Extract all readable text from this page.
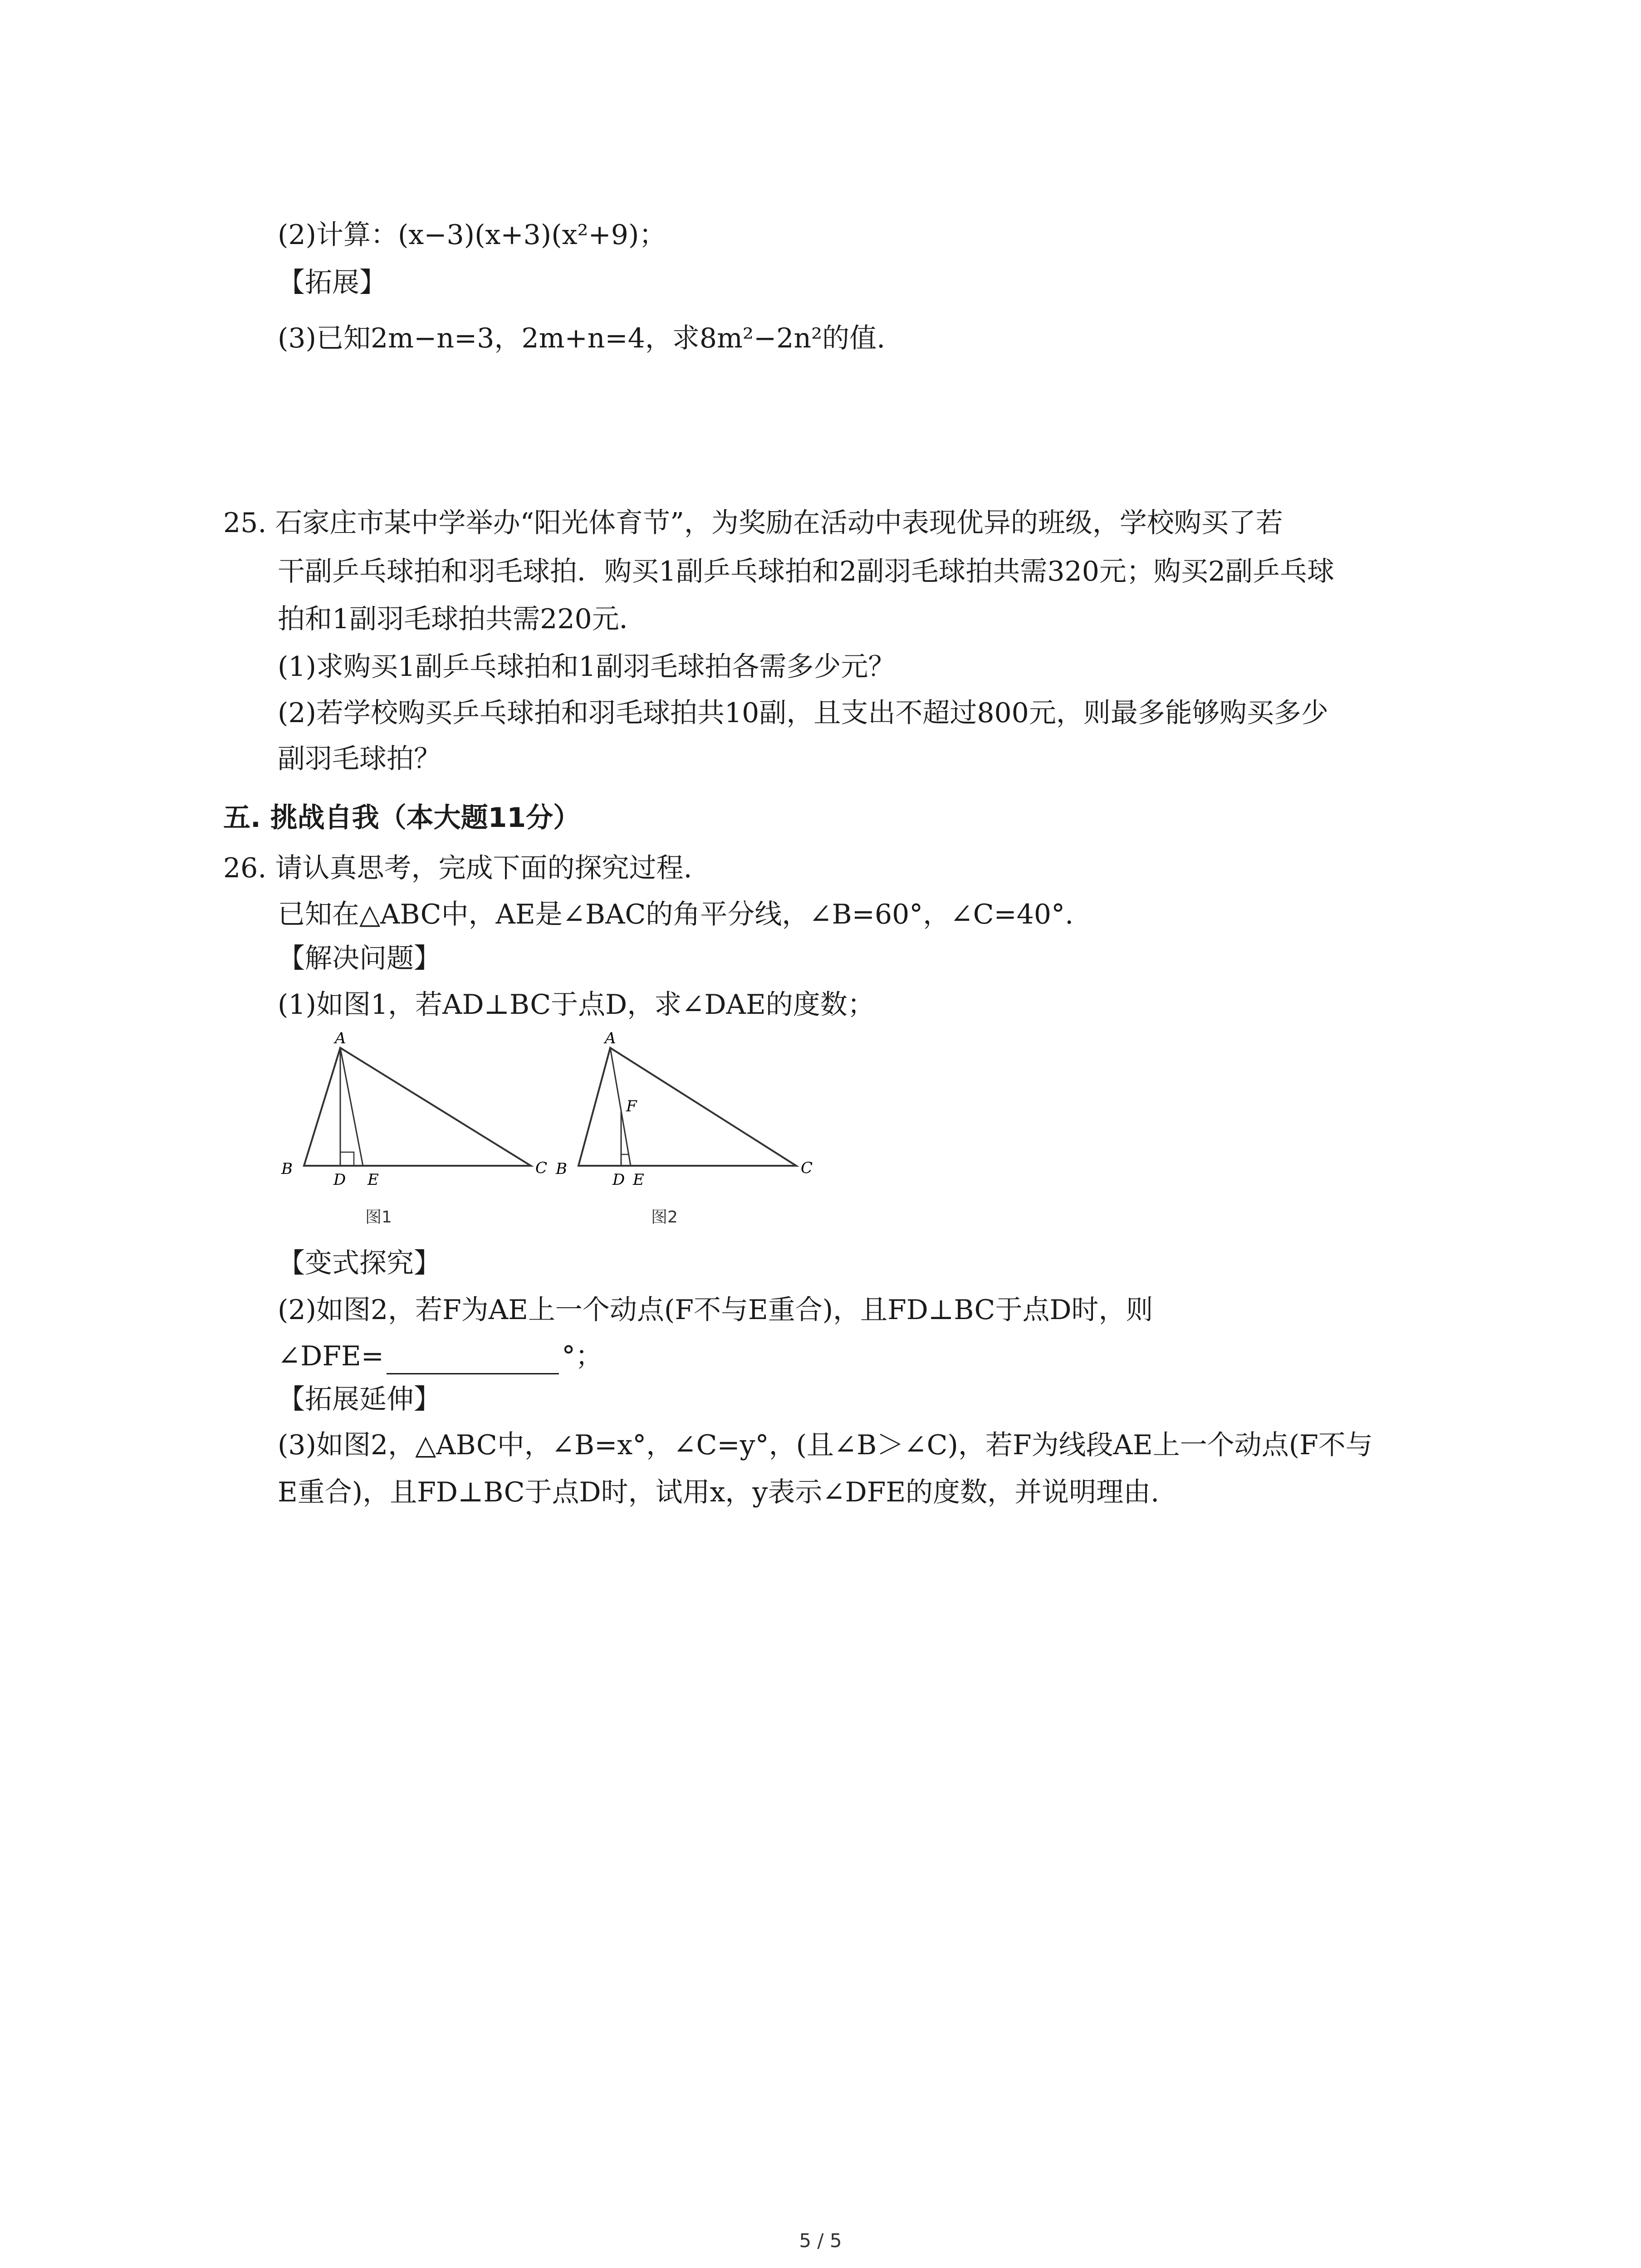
(2)计算：(x−3)(x+3)(x²+9)；
【拓展】
(3)已知2m−n=3，2m+n=4，求8m²−2n²的值.
25. 石家庄市某中学举办“阳光体育节”，为奖励在活动中表现优异的班级，学校购买了若
干副乒乓球拍和羽毛球拍．购买1副乒乓球拍和2副羽毛球拍共需320元；购买2副乒乓球
拍和1副羽毛球拍共需220元．
(1)求购买1副乒乓球拍和1副羽毛球拍各需多少元？
(2)若学校购买乒乓球拍和羽毛球拍共10副，且支出不超过800元，则最多能够购买多少
副羽毛球拍？
五. 挑战自我（本大题11分）
26. 请认真思考，完成下面的探究过程.
已知在△ABC中，AE是∠BAC的角平分线，∠B=60°，∠C=40°.
【解决问题】
(1)如图1，若AD⊥BC于点D，求∠DAE的度数；
A
B
D E
C
图1
A
F
B
D E
C
图2
【变式探究】
(2)如图2，若F为AE上一个动点(F不与E重合)，且FD⊥BC于点D时，则
∠DFE=	°；
【拓展延伸】
(3)如图2，△ABC中，∠B=x°，∠C=y°，(且∠B＞∠C)，若F为线段AE上一个动点(F不与
E重合)，且FD⊥BC于点D时，试用x，y表示∠DFE的度数，并说明理由.
5 / 5
